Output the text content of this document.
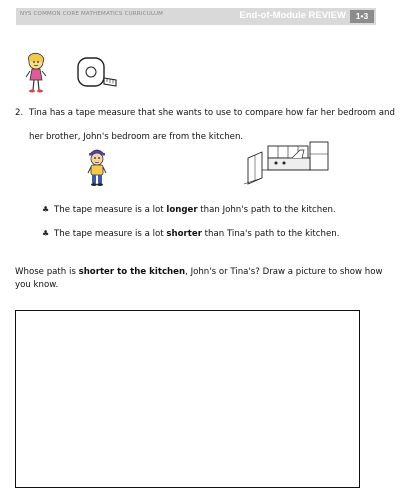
NYS COMMON CORE MATHEMATICS CURRICULUM	End-of-Module REVIEW	1•3
2. Tina has a tape measure that she wants to use to compare how far her bedroom and
her brother, John's bedroom are from the kitchen.
♣ The tape measure is a lot longer than John's path to the kitchen.
♣ The tape measure is a lot shorter than Tina's path to the kitchen.
Whose path is shorter to the kitchen, John's or Tina's? Draw a picture to show how
you know.
